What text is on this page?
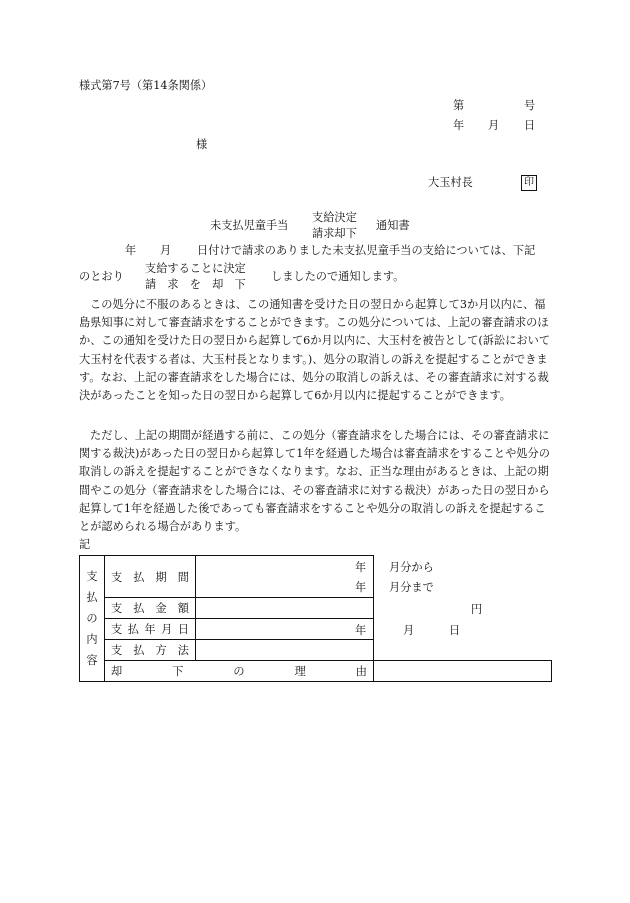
様式第7号（第14条関係）
第	号
年 月 日
様
大玉村長	印
未支払児童手当
支給決定
請求却下
通知書
年 月 日付けで請求のありました未支払児童手当の支給については、下記
のとおり
支給することに決定
請　求　を　却　下
しましたので通知します。

この処分に不服のあるときは、この通知書を受けた日の翌日から起算して3か月以内に、福島県知事に対して審査請求をすることができます。この処分については、上記の審査請求のほか、この通知を受けた日の翌日から起算して6か月以内に、大玉村を被告として(訴訟において大玉村を代表する者は、大玉村長となります。)、処分の取消しの訴えを提起することができます。なお、上記の審査請求をした場合には、処分の取消しの訴えは、その審査請求に対する裁決があったことを知った日の翌日から起算して6か月以内に提起することができます。

ただし、上記の期間が経過する前に、この処分（審査請求をした場合には、その審査請求に関する裁決)があった日の翌日から起算して1年を経過した場合は審査請求をすることや処分の取消しの訴えを提起することができなくなります。なお、正当な理由があるときは、上記の期間やこの処分（審査請求をした場合には、その審査請求に対する裁決）があった日の翌日から起算して1年を経過した後であっても審査請求をすることや処分の取消しの訴えを提起することが認められる場合があります。

記
支
払
の
内
容	支払期間	年 月分から
年 月分まで	

	支払金額	円	

	支払年月日	年 月 日	

	支払方法		
	却下の理由		
